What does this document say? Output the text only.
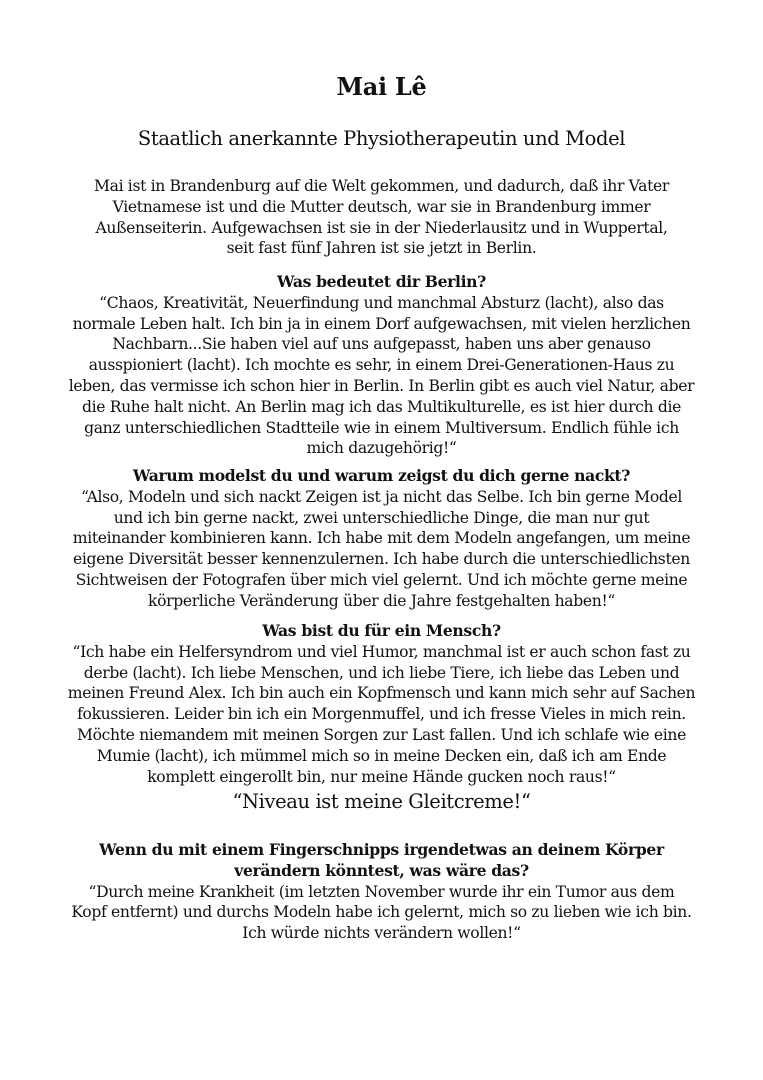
Mai Lê
Staatlich anerkannte Physiotherapeutin und Model

Mai ist in Brandenburg auf die Welt gekommen, und dadurch, daß ihr Vater Vietnamese ist und die Mutter deutsch, war sie in Brandenburg immer Außenseiterin. Aufgewachsen ist sie in der Niederlausitz und in Wuppertal, seit fast fünf Jahren ist sie jetzt in Berlin.

Was bedeutet dir Berlin?

“Chaos, Kreativität, Neuerfindung und manchmal Absturz (lacht), also das normale Leben halt. Ich bin ja in einem Dorf aufgewachsen, mit vielen herzlichen Nachbarn...Sie haben viel auf uns aufgepasst, haben uns aber genauso ausspioniert (lacht). Ich mochte es sehr, in einem Drei-Generationen-Haus zu leben, das vermisse ich schon hier in Berlin. In Berlin gibt es auch viel Natur, aber die Ruhe halt nicht. An Berlin mag ich das Multikulturelle, es ist hier durch die ganz unterschiedlichen Stadtteile wie in einem Multiversum. Endlich fühle ich mich dazugehörig!“

Warum modelst du und warum zeigst du dich gerne nackt?

“Also, Modeln und sich nackt Zeigen ist ja nicht das Selbe. Ich bin gerne Model und ich bin gerne nackt, zwei unterschiedliche Dinge, die man nur gut miteinander kombinieren kann. Ich habe mit dem Modeln angefangen, um meine eigene Diversität besser kennenzulernen. Ich habe durch die unterschiedlichsten Sichtweisen der Fotografen über mich viel gelernt. Und ich möchte gerne meine körperliche Veränderung über die Jahre festgehalten haben!“

Was bist du für ein Mensch?

“Ich habe ein Helfersyndrom und viel Humor, manchmal ist er auch schon fast zu derbe (lacht). Ich liebe Menschen, und ich liebe Tiere, ich liebe das Leben und meinen Freund Alex. Ich bin auch ein Kopfmensch und kann mich sehr auf Sachen fokussieren. Leider bin ich ein Morgenmuffel, und ich fresse Vieles in mich rein. Möchte niemandem mit meinen Sorgen zur Last fallen. Und ich schlafe wie eine Mumie (lacht), ich mümmel mich so in meine Decken ein, daß ich am Ende komplett eingerollt bin, nur meine Hände gucken noch raus!“

“Niveau ist meine Gleitcreme!“

Wenn du mit einem Fingerschnipps irgendetwas an deinem Körper verändern könntest, was wäre das?

“Durch meine Krankheit (im letzten November wurde ihr ein Tumor aus dem Kopf entfernt) und durchs Modeln habe ich gelernt, mich so zu lieben wie ich bin. Ich würde nichts verändern wollen!“
